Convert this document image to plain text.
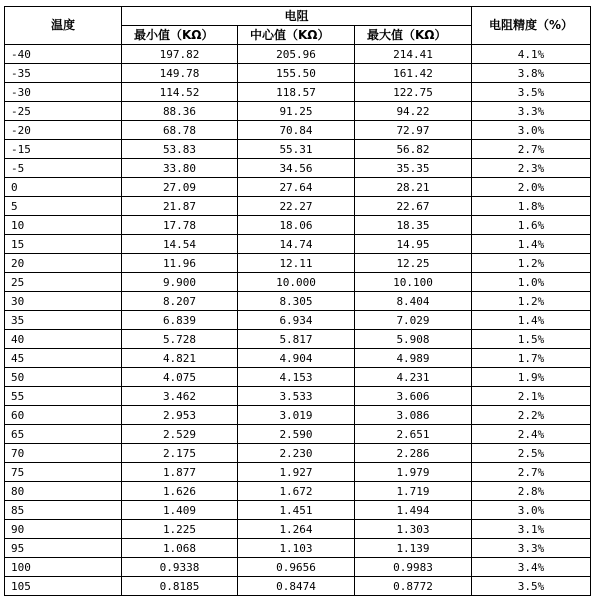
温度	电阻			电阻精度（%）
	最小值（KΩ）	中心值（KΩ）	最大值（KΩ）	
-40	197.82	205.96	214.41	4.1%
-35	149.78	155.50	161.42	3.8%
-30	114.52	118.57	122.75	3.5%
-25	88.36	91.25	94.22	3.3%
-20	68.78	70.84	72.97	3.0%
-15	53.83	55.31	56.82	2.7%
-5	33.80	34.56	35.35	2.3%
0	27.09	27.64	28.21	2.0%
5	21.87	22.27	22.67	1.8%
10	17.78	18.06	18.35	1.6%
15	14.54	14.74	14.95	1.4%
20	11.96	12.11	12.25	1.2%
25	9.900	10.000	10.100	1.0%
30	8.207	8.305	8.404	1.2%
35	6.839	6.934	7.029	1.4%
40	5.728	5.817	5.908	1.5%
45	4.821	4.904	4.989	1.7%
50	4.075	4.153	4.231	1.9%
55	3.462	3.533	3.606	2.1%
60	2.953	3.019	3.086	2.2%
65	2.529	2.590	2.651	2.4%
70	2.175	2.230	2.286	2.5%
75	1.877	1.927	1.979	2.7%
80	1.626	1.672	1.719	2.8%
85	1.409	1.451	1.494	3.0%
90	1.225	1.264	1.303	3.1%
95	1.068	1.103	1.139	3.3%
100	0.9338	0.9656	0.9983	3.4%
105	0.8185	0.8474	0.8772	3.5%
